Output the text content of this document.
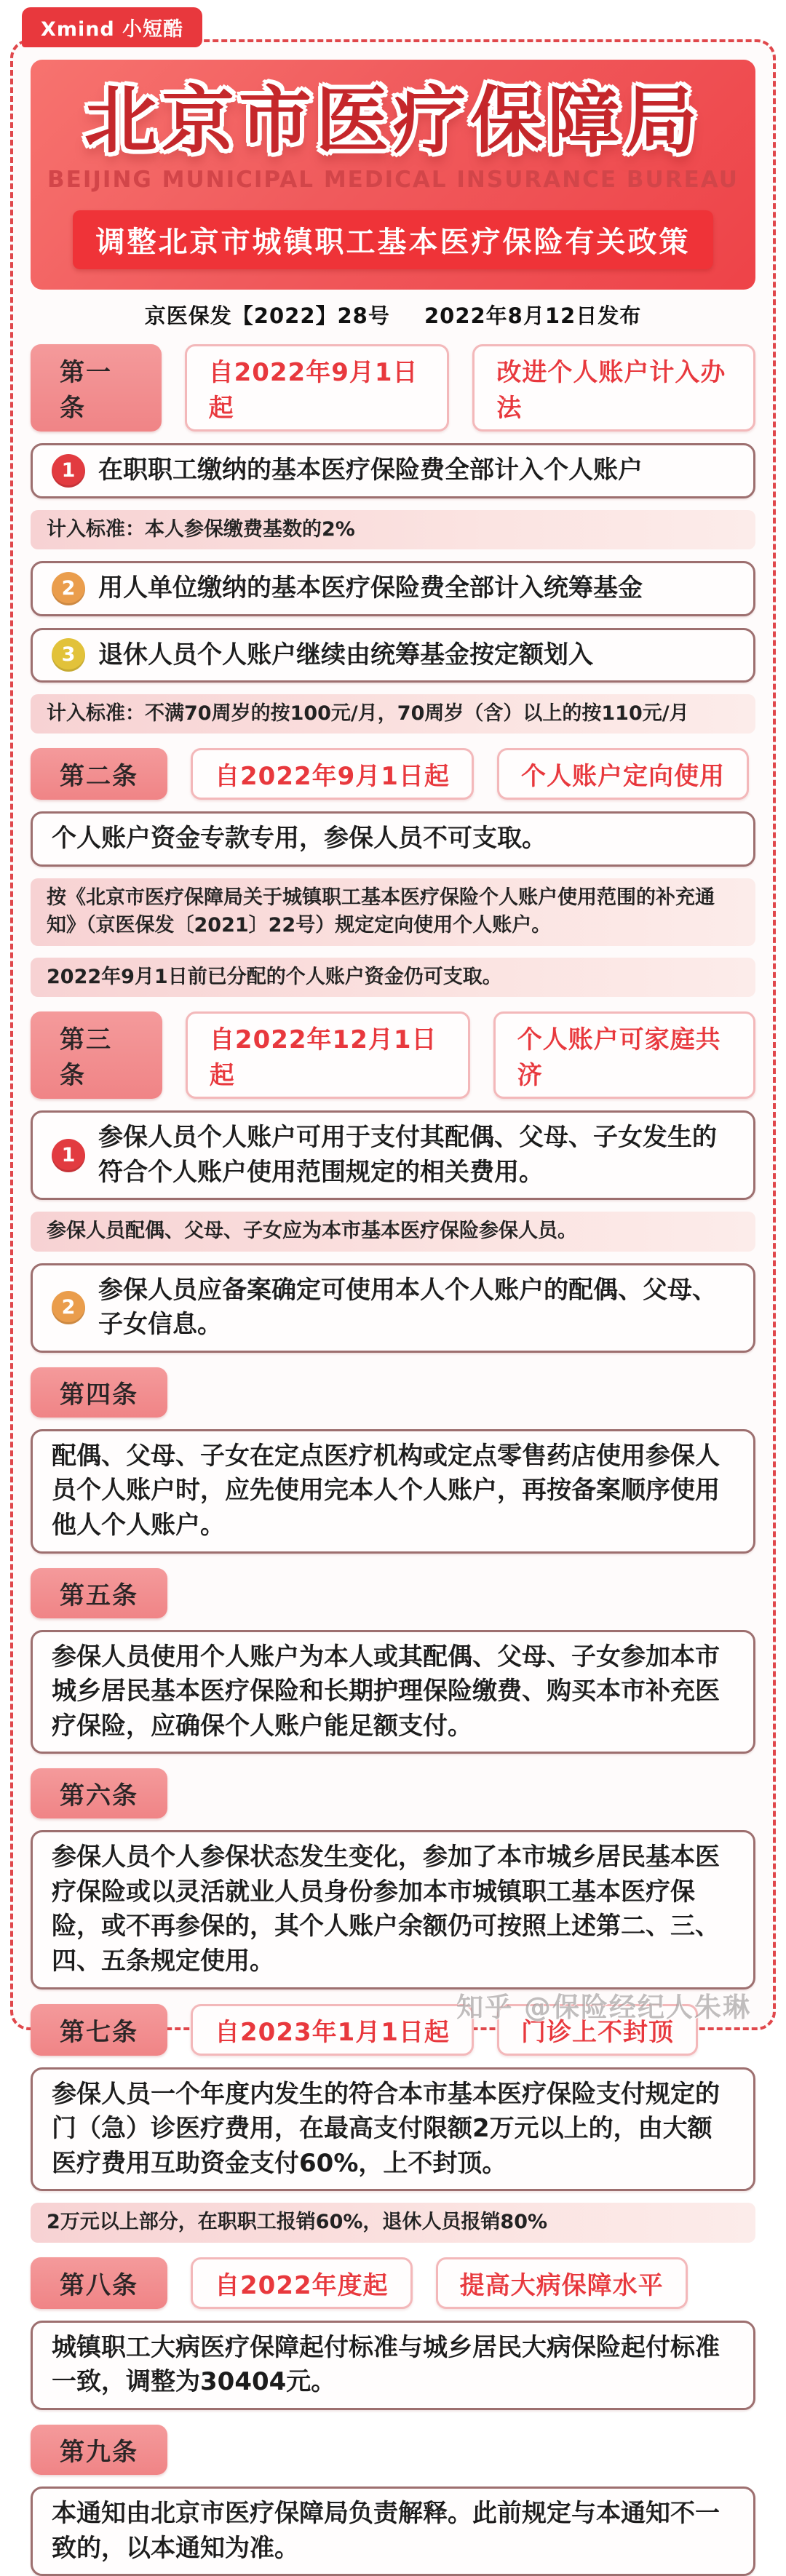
Xmind 小短酷
北京市医疗保障局
BEIJING MUNICIPAL MEDICAL INSURANCE BUREAU
调整北京市城镇职工基本医疗保险有关政策
京医保发【2022】28号 2022年8月12日发布
第一条
自2022年9月1日起
改进个人账户计入办法
1 在职职工缴纳的基本医疗保险费全部计入个人账户
计入标准：本人参保缴费基数的2%
2 用人单位缴纳的基本医疗保险费全部计入统筹基金
3 退休人员个人账户继续由统筹基金按定额划入
计入标准：不满70周岁的按100元/月，70周岁（含）以上的按110元/月
第二条	自2022年9月1日起	个人账户定向使用
个人账户资金专款专用，参保人员不可支取。
按《北京市医疗保障局关于城镇职工基本医疗保险个人账户使用范围的补充通知》（京医保发〔2021〕22号）规定定向使用个人账户。
2022年9月1日前已分配的个人账户资金仍可支取。
第三条
自2022年12月1日起
个人账户可家庭共济
1
参保人员个人账户可用于支付其配偶、父母、子女发生的符合个人账户使用范围规定的相关费用。
参保人员配偶、父母、子女应为本市基本医疗保险参保人员。
2
参保人员应备案确定可使用本人个人账户的配偶、父母、子女信息。
第四条
配偶、父母、子女在定点医疗机构或定点零售药店使用参保人员个人账户时，应先使用完本人个人账户，再按备案顺序使用他人个人账户。
第五条
参保人员使用个人账户为本人或其配偶、父母、子女参加本市城乡居民基本医疗保险和长期护理保险缴费、购买本市补充医疗保险，应确保个人账户能足额支付。
第六条
参保人员个人参保状态发生变化，参加了本市城乡居民基本医疗保险或以灵活就业人员身份参加本市城镇职工基本医疗保险，或不再参保的，其个人账户余额仍可按照上述第二、三、四、五条规定使用。
第七条	自2023年1月1日起	门诊上不封顶
参保人员一个年度内发生的符合本市基本医疗保险支付规定的门（急）诊医疗费用，在最高支付限额2万元以上的，由大额医疗费用互助资金支付60%，上不封顶。
2万元以上部分，在职职工报销60%，退休人员报销80%
第八条	自2022年度起	提高大病保障水平
城镇职工大病医疗保障起付标准与城乡居民大病保险起付标准一致，调整为30404元。
第九条
本通知由北京市医疗保障局负责解释。此前规定与本通知不一致的，以本通知为准。
知乎 @保险经纪人朱琳
